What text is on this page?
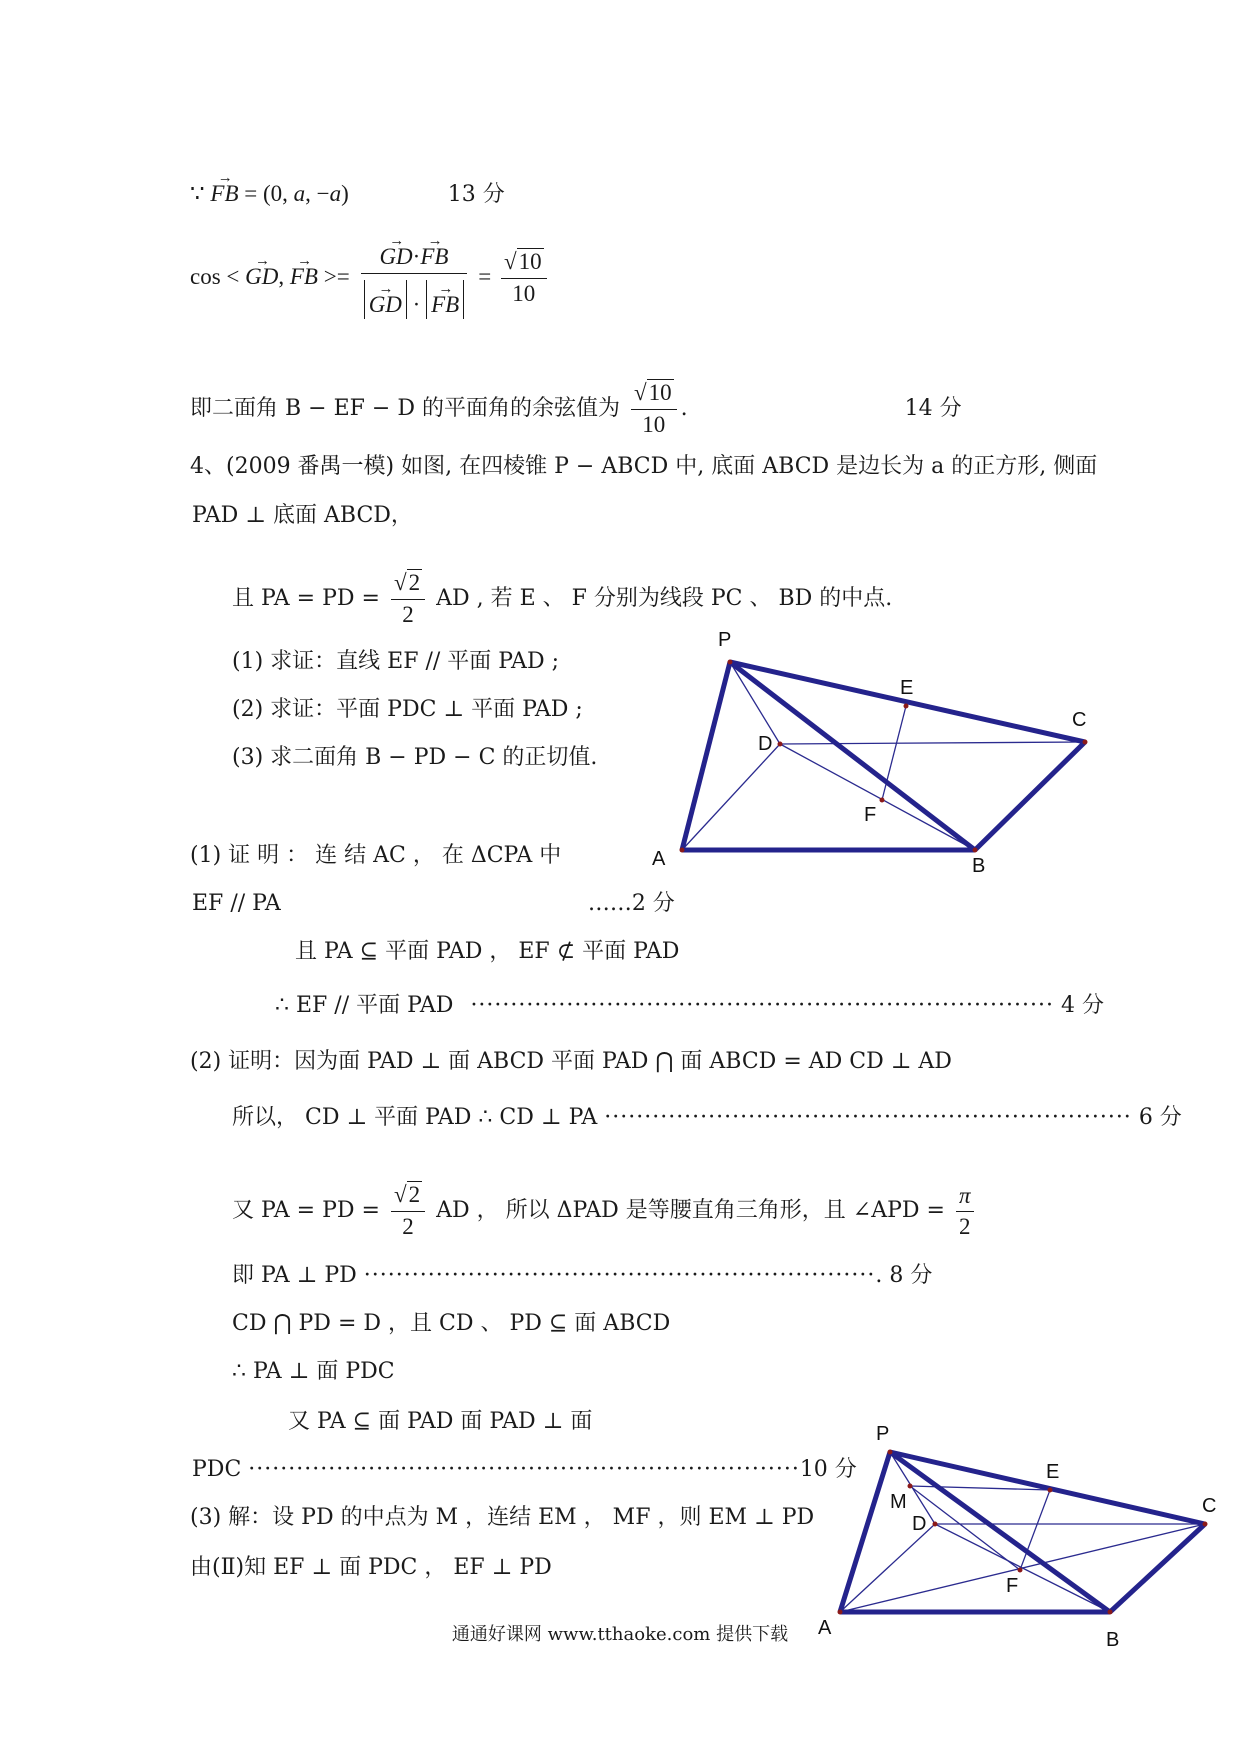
∵ → FB = (0, a, −a)	13 分
cos < → GD, → FB >=
→ GD·→ FB
→ GD · → FB = $\frac{√10}{10}$
即二面角 B − EF − D 的平面角的余弦值为 $\frac{√10}{10}$ .	14 分
4、(2009 番禺一模) 如图, 在四棱锥 P − ABCD 中, 底面 ABCD 是边长为 a 的正方形, 侧面
PAD ⊥ 底面 ABCD，
且 PA = PD = $\frac{√2}{2}$ AD , 若 E 、 F 分别为线段 PC 、 BD 的中点.
(1) 求证：直线 EF // 平面 PAD ;
(2) 求证：平面 PDC ⊥ 平面 PAD ;
(3) 求二面角 B − PD − C 的正切值.
P
E
C
D
F
A	B
(1) 证 明 ： 连 结 AC ， 在 ΔCPA 中
EF // PA	……2 分
且 PA ⊆ 平面 PAD ， EF ⊄ 平面 PAD
∴ EF // 平面 PAD ········································································· 4 分
(2) 证明：因为面 PAD ⊥ 面 ABCD 平面 PAD ⋂ 面 ABCD = AD CD ⊥ AD
所以， CD ⊥ 平面 PAD ∴ CD ⊥ PA ·································································· 6 分
又 PA = PD = $\frac{√2}{2}$ AD ， 所以 ΔPAD 是等腰直角三角形，且 ∠APD = $\frac{\pi}{2}$
即 PA ⊥ PD ································································. 8 分
CD ⋂ PD = D ，且 CD 、 PD ⊆ 面 ABCD
∴ PA ⊥ 面 PDC
又 PA ⊆ 面 PAD 面 PAD ⊥ 面
PDC ·····································································10 分
(3) 解：设 PD 的中点为 M ，连结 EM ， MF ，则 EM ⊥ PD
由(Ⅱ)知 EF ⊥ 面 PDC ， EF ⊥ PD
P
M
E
C
D
F
A
B
通通好课网 www.tthaoke.com 提供下载
